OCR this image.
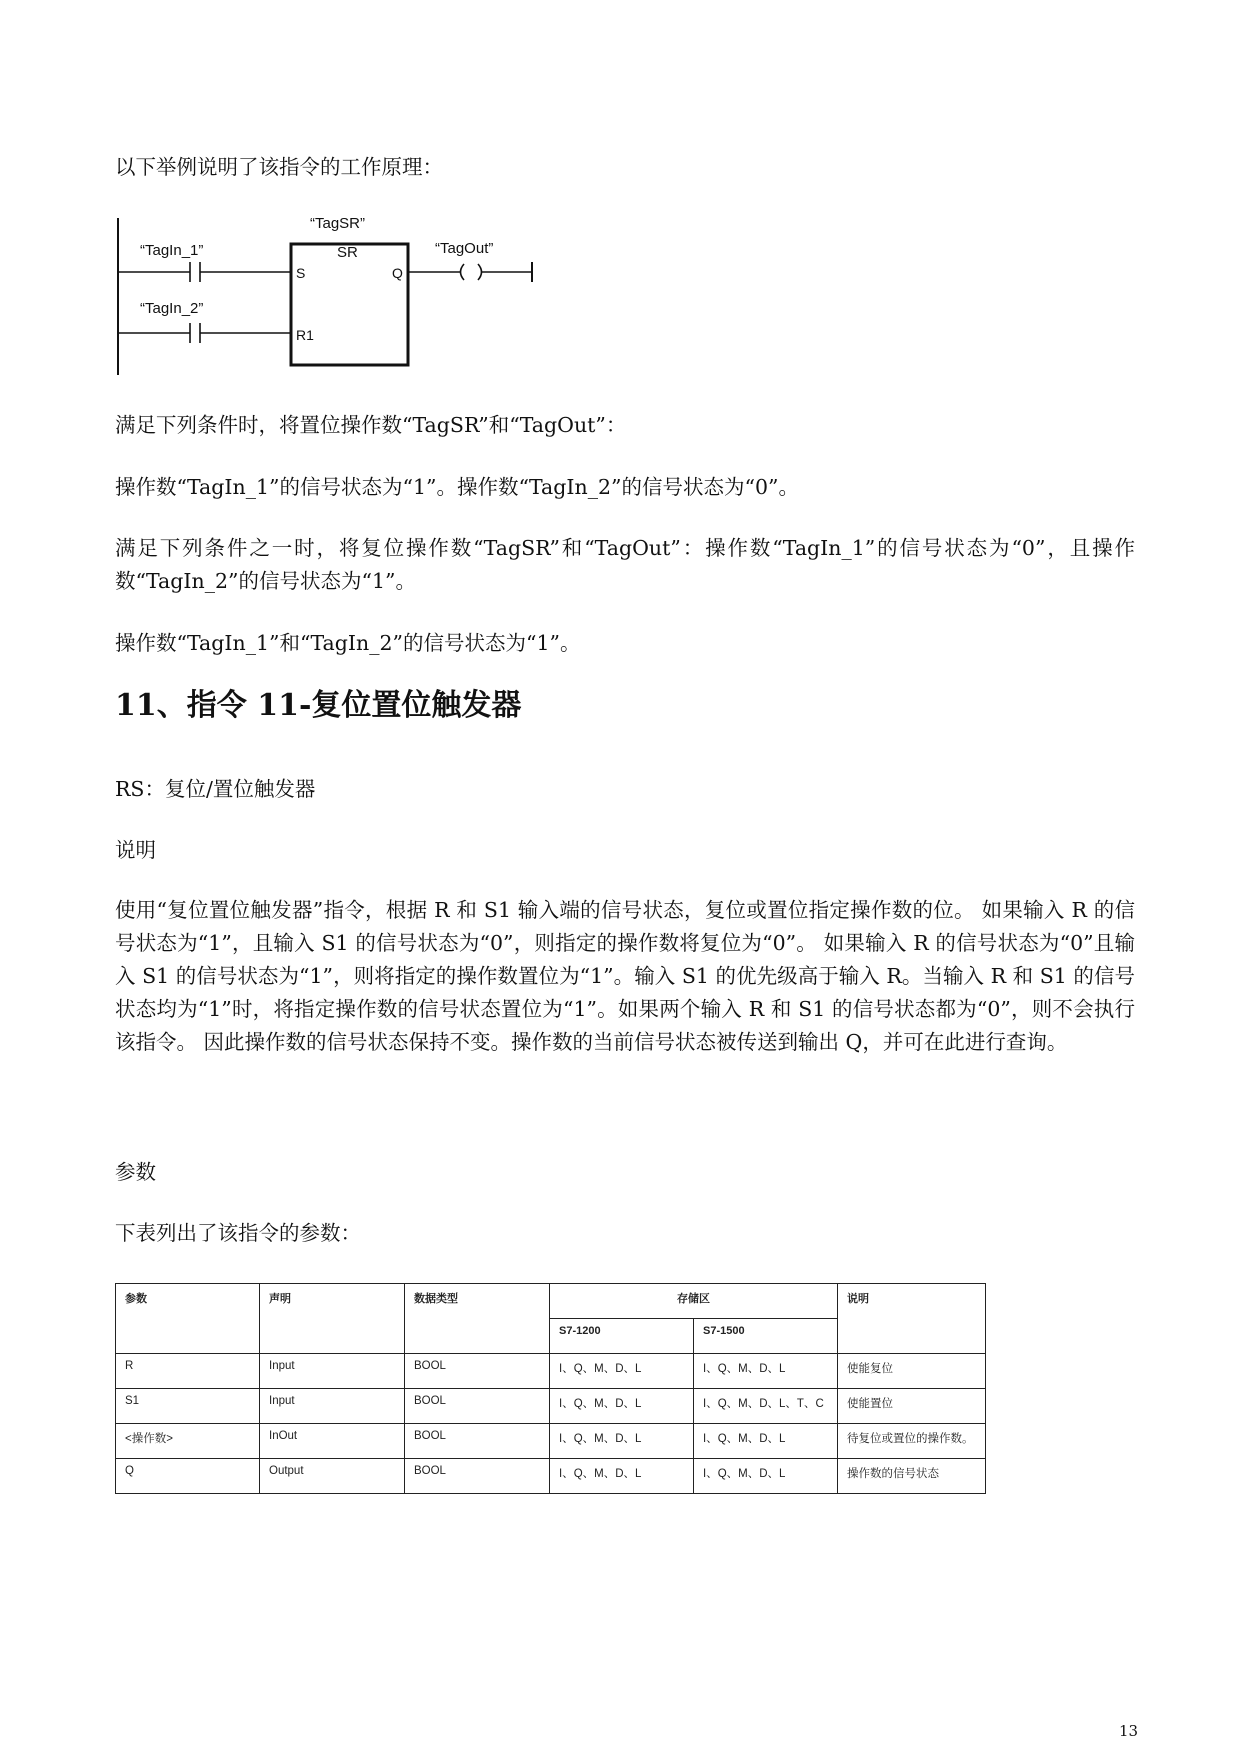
以下举例说明了该指令的工作原理：

“TagSR”
SR
“TagIn_1”
“TagIn_2”
“TagOut”
S
R1
Q

满足下列条件时，将置位操作数“TagSR”和“TagOut”：

操作数“TagIn_1”的信号状态为“1”。操作数“TagIn_2”的信号状态为“0”。

满足下列条件之一时，将复位操作数“TagSR”和“TagOut”：操作数“TagIn_1”的信号状态为“0”，且操作数“TagIn_2”的信号状态为“1”。

操作数“TagIn_1”和“TagIn_2”的信号状态为“1”。

11、指令 11-复位置位触发器

RS：复位/置位触发器

说明

使用“复位置位触发器”指令，根据 R 和 S1 输入端的信号状态，复位或置位指定操作数的位。 如果输入 R 的信号状态为“1”，且输入 S1 的信号状态为“0”，则指定的操作数将复位为“0”。 如果输入 R 的信号状态为“0”且输入 S1 的信号状态为“1”，则将指定的操作数置位为“1”。输入 S1 的优先级高于输入 R。当输入 R 和 S1 的信号状态均为“1”时，将指定操作数的信号状态置位为“1”。如果两个输入 R 和 S1 的信号状态都为“0”，则不会执行该指令。 因此操作数的信号状态保持不变。操作数的当前信号状态被传送到输出 Q，并可在此进行查询。

参数

下表列出了该指令的参数：

参数	声明	数据类型	存储区		说明
			S7-1200	S7-1500	
R	Input	BOOL	I、Q、M、D、L	I、Q、M、D、L	使能复位
S1	Input	BOOL	I、Q、M、D、L	I、Q、M、D、L、T、C	使能置位
<操作数>	InOut	BOOL	I、Q、M、D、L	I、Q、M、D、L	待复位或置位的操作数。
Q	Output	BOOL	I、Q、M、D、L	I、Q、M、D、L	操作数的信号状态
13
